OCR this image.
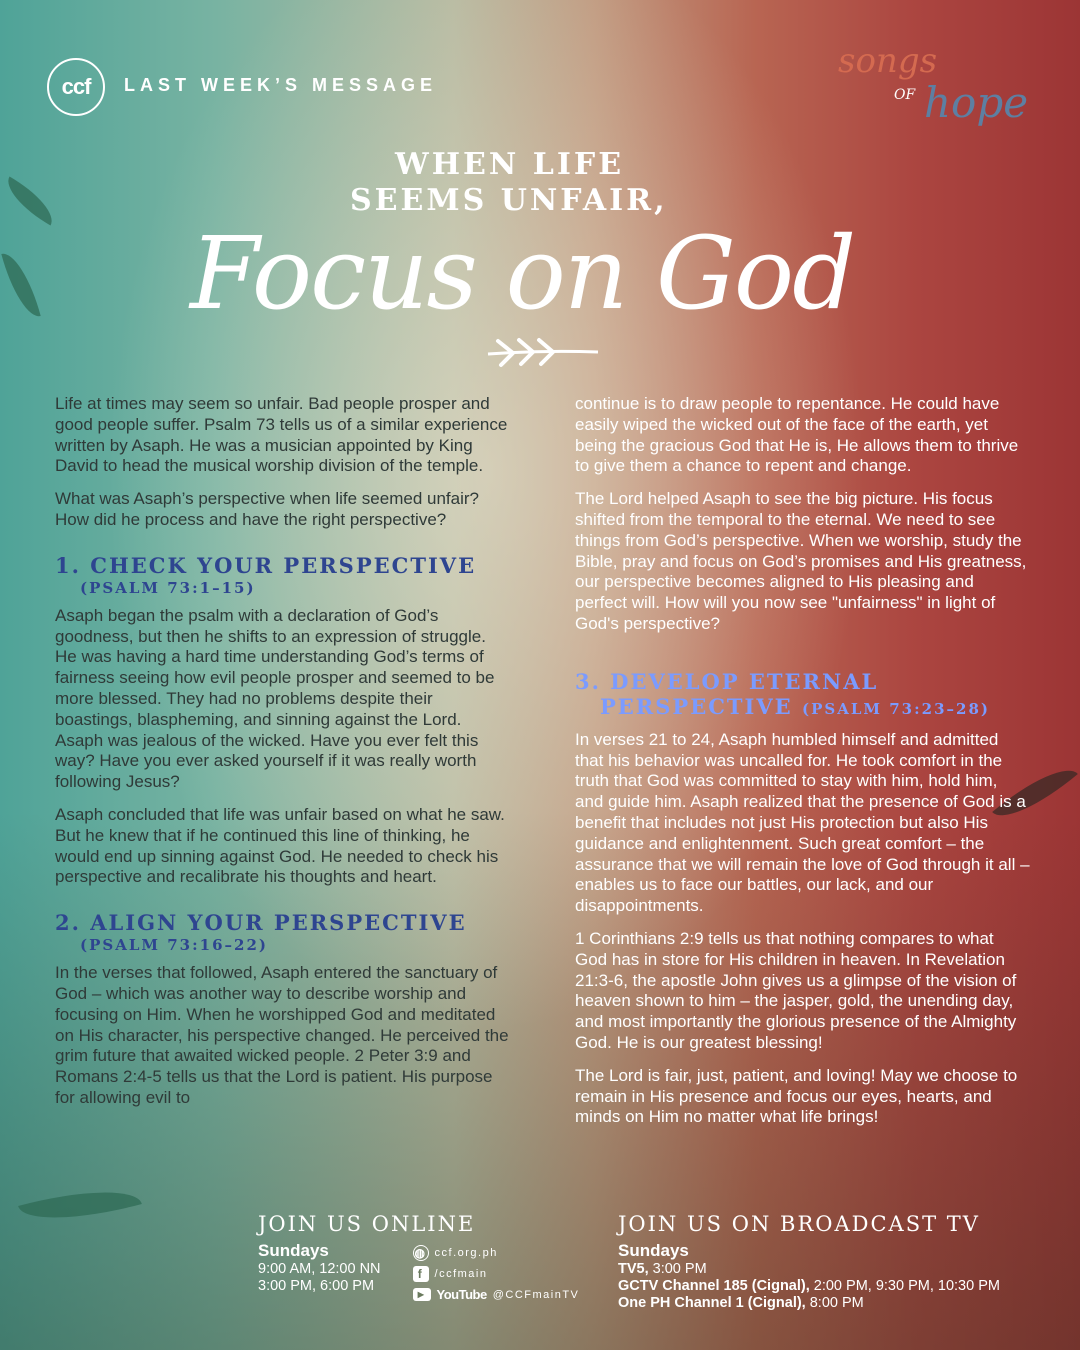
ccf	LAST WEEK’S MESSAGE
songs
OF hope
WHEN LIFE
SEEMS UNFAIR,
Focus on God

Life at times may seem so unfair. Bad people prosper and good people suffer. Psalm 73 tells us of a similar experience written by Asaph. He was a musician appointed by King David to head the musical worship division of the temple.

What was Asaph’s perspective when life seemed unfair? How did he process and have the right perspective?

1. CHECK YOUR PERSPECTIVE
(PSALM 73:1–15)

Asaph began the psalm with a declaration of God’s goodness, but then he shifts to an expression of struggle. He was having a hard time understanding God’s terms of fairness seeing how evil people prosper and seemed to be more blessed. They had no problems despite their boastings, blaspheming, and sinning against the Lord. Asaph was jealous of the wicked. Have you ever felt this way? Have you ever asked yourself if it was really worth following Jesus?

Asaph concluded that life was unfair based on what he saw. But he knew that if he continued this line of thinking, he would end up sinning against God. He needed to check his perspective and recalibrate his thoughts and heart.

2. ALIGN YOUR PERSPECTIVE
(PSALM 73:16–22)

In the verses that followed, Asaph entered the sanctuary of God – which was another way to describe worship and focusing on Him. When he worshipped God and meditated on His character, his perspective changed. He perceived the grim future that awaited wicked people. 2 Peter 3:9 and Romans 2:4-5 tells us that the Lord is patient. His purpose for allowing evil to

continue is to draw people to repentance. He could have easily wiped the wicked out of the face of the earth, yet being the gracious God that He is, He allows them to thrive to give them a chance to repent and change.

The Lord helped Asaph to see the big picture. His focus shifted from the temporal to the eternal. We need to see things from God’s perspective. When we worship, study the Bible, pray and focus on God’s promises and His greatness, our perspective becomes aligned to His pleasing and perfect will. How will you now see "unfairness" in light of God's perspective?

3. DEVELOP ETERNAL
PERSPECTIVE (PSALM 73:23–28)

In verses 21 to 24, Asaph humbled himself and admitted that his behavior was uncalled for. He took comfort in the truth that God was committed to stay with him, hold him, and guide him. Asaph realized that the presence of God is a benefit that includes not just His protection but also His guidance and enlightenment. Such great comfort – the assurance that we will remain the love of God through it all – enables us to face our battles, our lack, and our disappointments.

1 Corinthians 2:9 tells us that nothing compares to what God has in store for His children in heaven. In Revelation 21:3-6, the apostle John gives us a glimpse of the vision of heaven shown to him – the jasper, gold, the unending day, and most importantly the glorious presence of the Almighty God. He is our greatest blessing!

The Lord is fair, just, patient, and loving! May we choose to remain in His presence and focus our eyes, hearts, and minds on Him no matter what life brings!

JOIN US ONLINE
Sundays
9:00 AM, 12:00 NN
3:00 PM, 6:00 PM
◍ ccf.org.ph
f	/ccfmain
▶ YouTube @CCFmainTV
JOIN US ON BROADCAST TV
Sundays
TV5, 3:00 PM
GCTV Channel 185 (Cignal), 2:00 PM, 9:30 PM, 10:30 PM
One PH Channel 1 (Cignal), 8:00 PM
